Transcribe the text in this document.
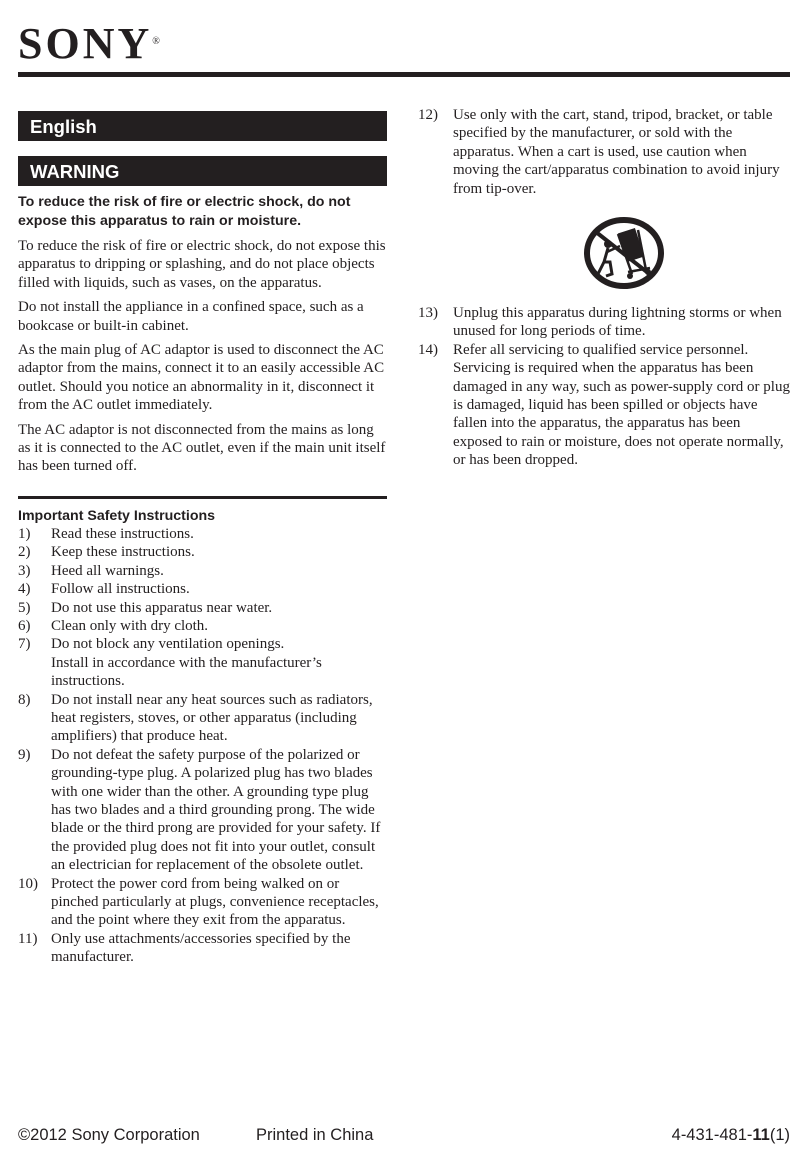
SONY®
English
WARNING

To reduce the risk of fire or electric shock, do not expose this apparatus to rain or moisture.

To reduce the risk of fire or electric shock, do not expose this apparatus to dripping or splashing, and do not place objects filled with liquids, such as vases, on the apparatus.

Do not install the appliance in a confined space, such as a bookcase or built-in cabinet.

As the main plug of AC adaptor is used to disconnect the AC adaptor from the mains, connect it to an easily accessible AC outlet. Should you notice an abnormality in it, disconnect it from the AC outlet immediately.

The AC adaptor is not disconnected from the mains as long as it is connected to the AC outlet, even if the main unit itself has been turned off.

Important Safety Instructions
1)	Read these instructions.
2)	Keep these instructions.
3)	Heed all warnings.
4)	Follow all instructions.
5)	Do not use this apparatus near water.
6)	Clean only with dry cloth.
7)	Do not block any ventilation openings.
Install in accordance with the manufacturer’s instructions.
8)	Do not install near any heat sources such as radiators, heat registers, stoves, or other apparatus (including amplifiers) that produce heat.
9)	Do not defeat the safety purpose of the polarized or grounding-type plug. A polarized plug has two blades with one wider than the other. A grounding type plug has two blades and a third grounding prong. The wide blade or the third prong are provided for your safety. If the provided plug does not fit into your outlet, consult an electrician for replacement of the obsolete outlet.
10) Protect the power cord from being walked on or pinched particularly at plugs, convenience receptacles, and the point where they exit from the apparatus.
11) Only use attachments/accessories specified by the manufacturer.
12)	Use only with the cart, stand, tripod, bracket, or table specified by the manufacturer, or sold with the apparatus. When a cart is used, use caution when moving the cart/apparatus combination to avoid injury from tip-over.
13)	Unplug this apparatus during lightning storms or when unused for long periods of time.
14)	Refer all servicing to qualified service personnel. Servicing is required when the apparatus has been damaged in any way, such as power-supply cord or plug is damaged, liquid has been spilled or objects have fallen into the apparatus, the apparatus has been exposed to rain or moisture, does not operate normally, or has been dropped.
©2012 Sony Corporation	Printed in China	4-431-481-11(1)
